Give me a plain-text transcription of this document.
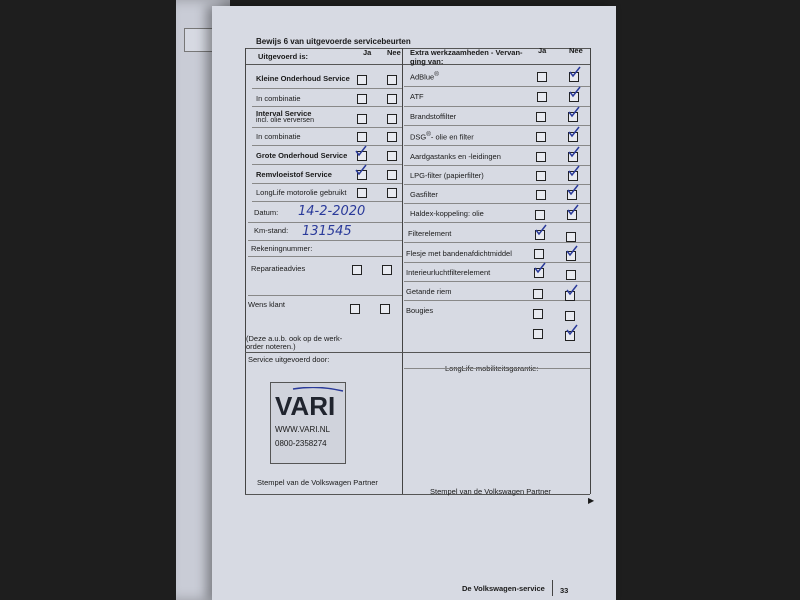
Bewijs 6 van uitgevoerde servicebeurten
Uitgevoerd is:	Ja Nee Extra werkzaamheden - Vervan-
ging van:
Ja	Nee
Kleine Onderhoud Service
In combinatie
Interval Service
incl. olie verversen
In combinatie
Grote Onderhoud Service
Remvloeistof Service
LongLife motorolie gebruikt
Datum: 14-2-2020
Km-stand: 131545
Rekeningnummer:
Reparatieadvies
Wens klant
(Deze a.u.b. ook op de werk-
order noteren.)
Service uitgevoerd door:
LongLife mobiliteitsgarantie:
VARI
WWW.VARI.NL
0800-2358274
Stempel van de Volkswagen Partner
Stempel van de Volkswagen Partner
▶
AdBlue®
ATF
Brandstoffilter
DSG®- olie en filter
Aardgastanks en -leidingen
LPG-filter (papierfilter)
Gasfilter
Haldex-koppeling: olie
Filterelement
Flesje met bandenafdichtmiddel
Interieurluchtfilterelement
Getande riem
Bougies
De Volkswagen-service 33
